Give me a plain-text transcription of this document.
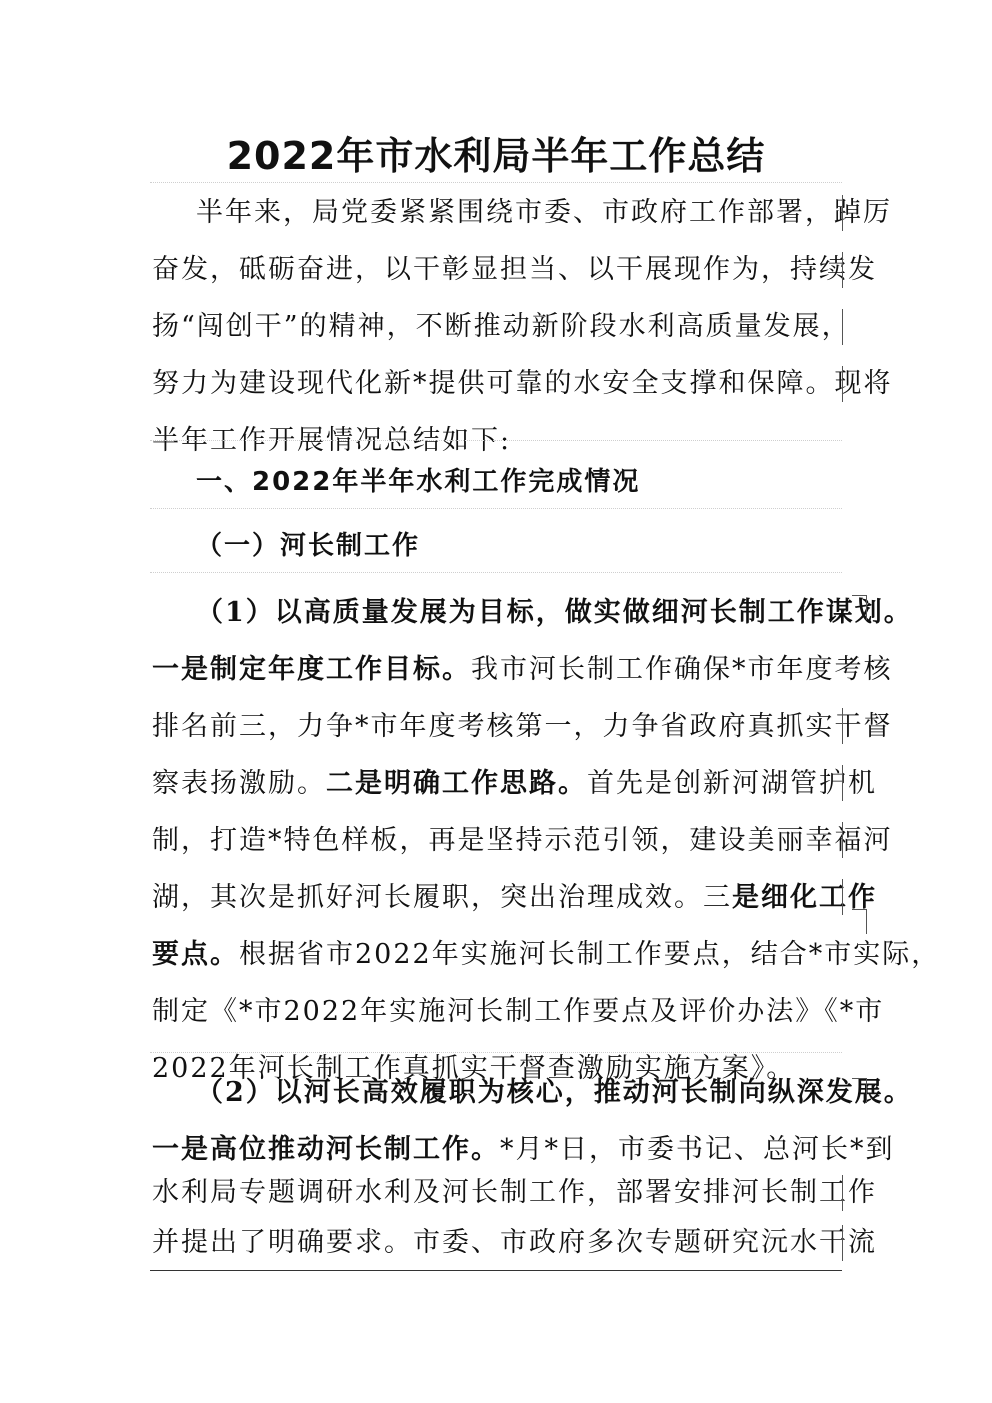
2022年市水利局半年工作总结
半年来，局党委紧紧围绕市委、市政府工作部署，踔厉
奋发，砥砺奋进，以干彰显担当、以干展现作为，持续发
扬“闯创干”的精神，不断推动新阶段水利高质量发展，
努力为建设现代化新*提供可靠的水安全支撑和保障。现将
半年工作开展情况总结如下:
一、2022年半年水利工作完成情况
（一）河长制工作
（1）以高质量发展为目标，做实做细河长制工作谋划。
一是制定年度工作目标。我市河长制工作确保*市年度考核
排名前三，力争*市年度考核第一，力争省政府真抓实干督
察表扬激励。二是明确工作思路。首先是创新河湖管护机
制，打造*特色样板，再是坚持示范引领，建设美丽幸福河
湖，其次是抓好河长履职，突出治理成效。三是细化工作
要点。根据省市2022年实施河长制工作要点，结合*市实际，
制定《*市2022年实施河长制工作要点及评价办法》《*市
2022年河长制工作真抓实干督查激励实施方案》。
（2）以河长高效履职为核心，推动河长制向纵深发展。
一是高位推动河长制工作。*月*日，市委书记、总河长*到
水利局专题调研水利及河长制工作，部署安排河长制工作
并提出了明确要求。市委、市政府多次专题研究沅水干流
